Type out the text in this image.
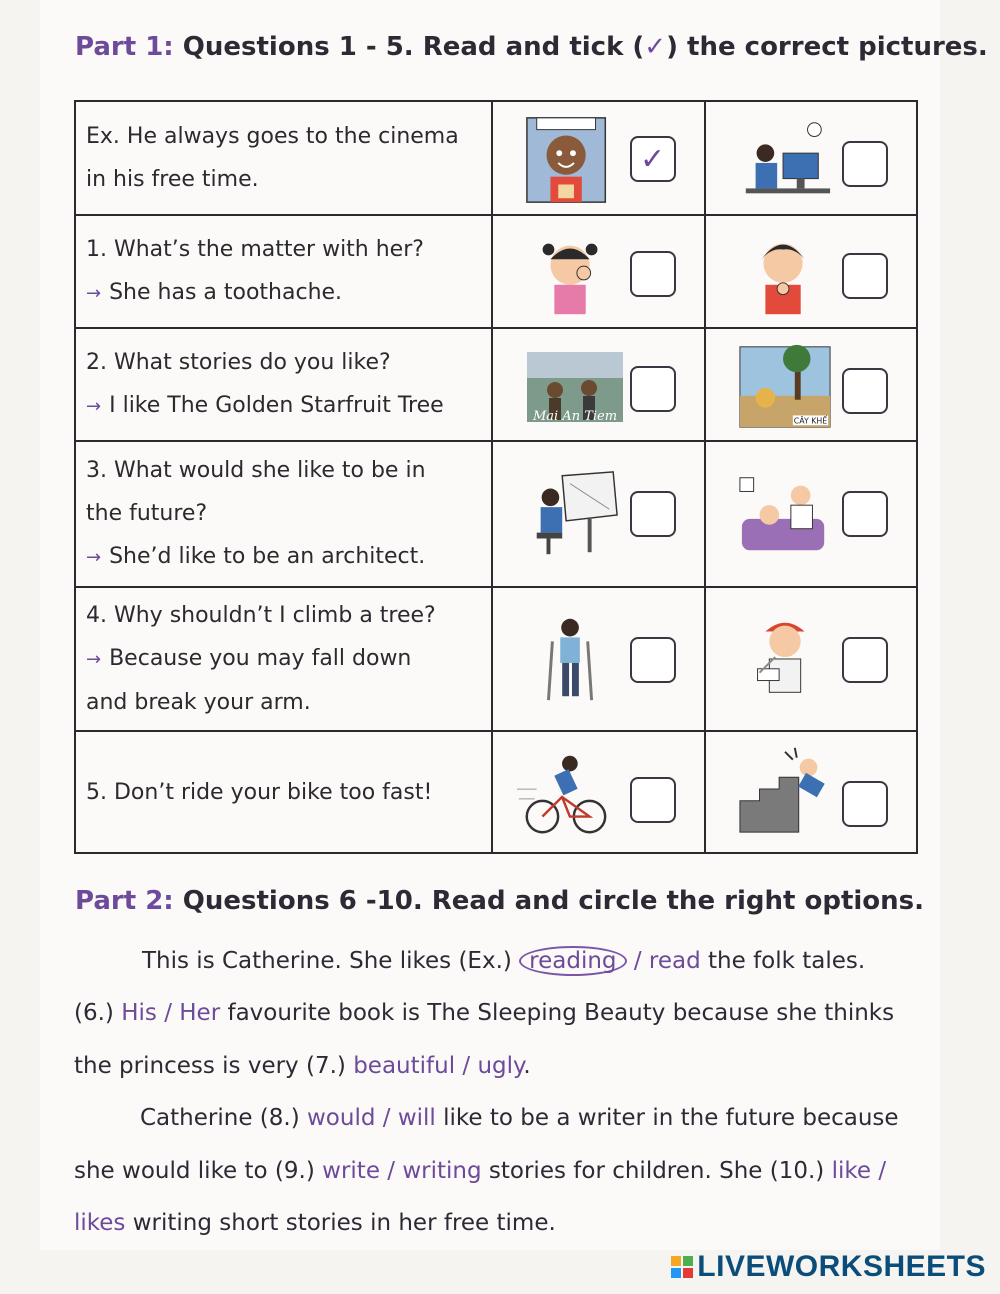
Part 1: Questions 1 - 5. Read and tick (✓) the correct pictures.
Ex. He always goes to the cinema
in his free time.	✓

1. What’s the matter with her?
→ She has a toothache.

2. What stories do you like?
→ I like The Golden Starfruit Tree	Mai An Tiem	CÂY KHẾ

3. What would she like to be in
the future?
→ She’d like to be an architect.

4. Why shouldn’t I climb a tree?
→ Because you may fall down
and break your arm.

5. Don’t ride your bike too fast!

Part 2: Questions 6 -10. Read and circle the right options.
This is Catherine. She likes (Ex.) reading / read the folk tales.
(6.) His / Her favourite book is The Sleeping Beauty because she thinks
the princess is very (7.) beautiful / ugly.
Catherine (8.) would / will like to be a writer in the future because
she would like to (9.) write / writing stories for children. She (10.) like /
likes writing short stories in her free time.
LIVEWORKSHEETS
